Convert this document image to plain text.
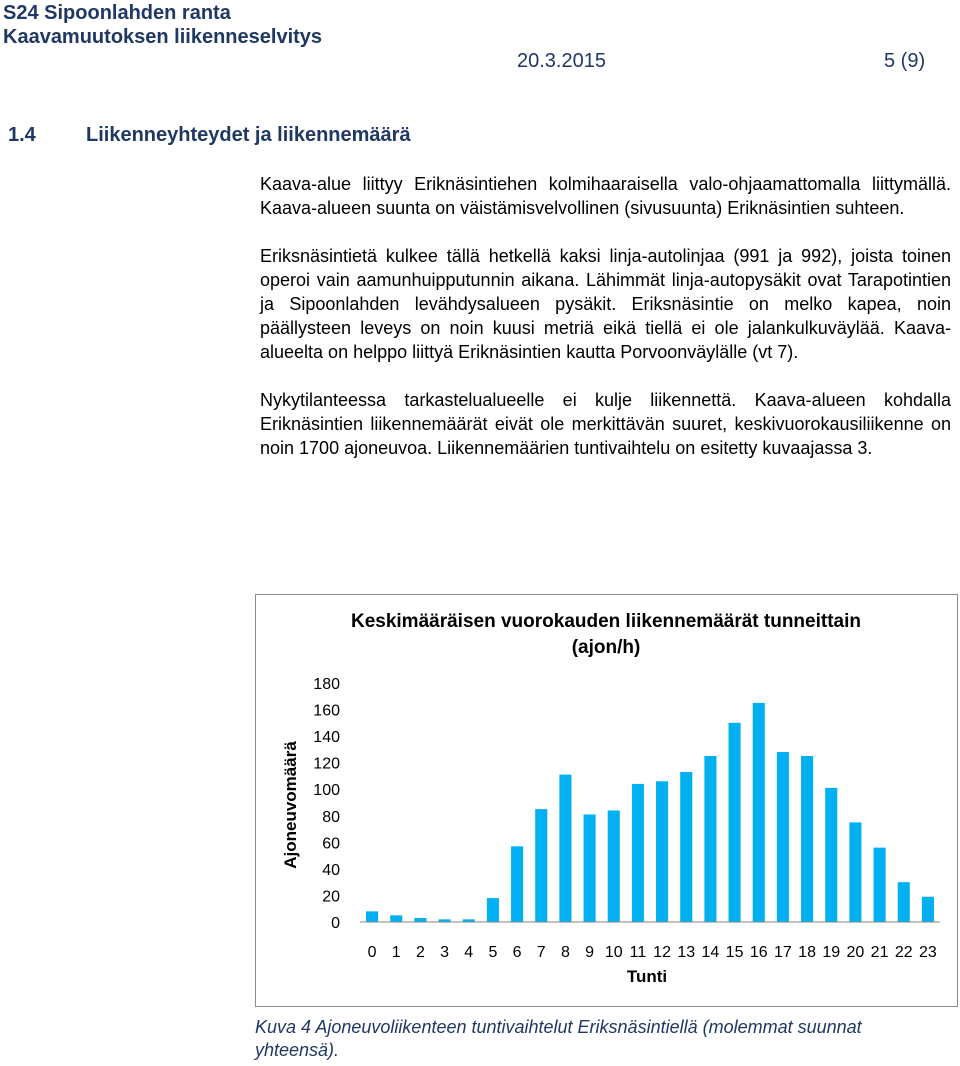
S24 Sipoonlahden ranta
Kaavamuutoksen liikenneselvitys
20.3.2015	5 (9)
1.4	Liikenneyhteydet ja liikennemäärä

Kaava-alue liittyy Eriknäsintiehen kolmihaaraisella valo-ohjaamattomalla liittymällä. Kaava-alueen suunta on väistämisvelvollinen (sivusuunta) Eriknäsintien suhteen.

Eriksnäsintietä kulkee tällä hetkellä kaksi linja-autolinjaa (991 ja 992), joista toinen operoi vain aamunhuipputunnin aikana. Lähimmät linja-autopysäkit ovat Tarapotintien ja Sipoonlahden levähdysalueen pysäkit. Eriksnäsintie on melko kapea, noin päällysteen leveys on noin kuusi metriä eikä tiellä ei ole jalankulkuväylää. Kaava-alueelta on helppo liittyä Eriknäsintien kautta Porvoonväylälle (vt 7).

Nykytilanteessa tarkastelualueelle ei kulje liikennettä. Kaava-alueen kohdalla Eriknäsintien liikennemäärät eivät ole merkittävän suuret, keskivuorokausiliikenne on noin 1700 ajoneuvoa. Liikennemäärien tuntivaihtelu on esitetty kuvaajassa 3.

Keskimääräisen vuorokauden liikennemäärät tunneittain (ajon/h)
Ajoneuvomäärä
Tunti
0
20
40
60
80
100
120
140
160
180
0 1 2 3 4 5 6 7 8 9 10 11 12 13 14 15 16 17 18 19 20 21 22 23
Kuva 4 Ajoneuvoliikenteen tuntivaihtelut Eriksnäsintiellä (molemmat suunnat yhteensä).
